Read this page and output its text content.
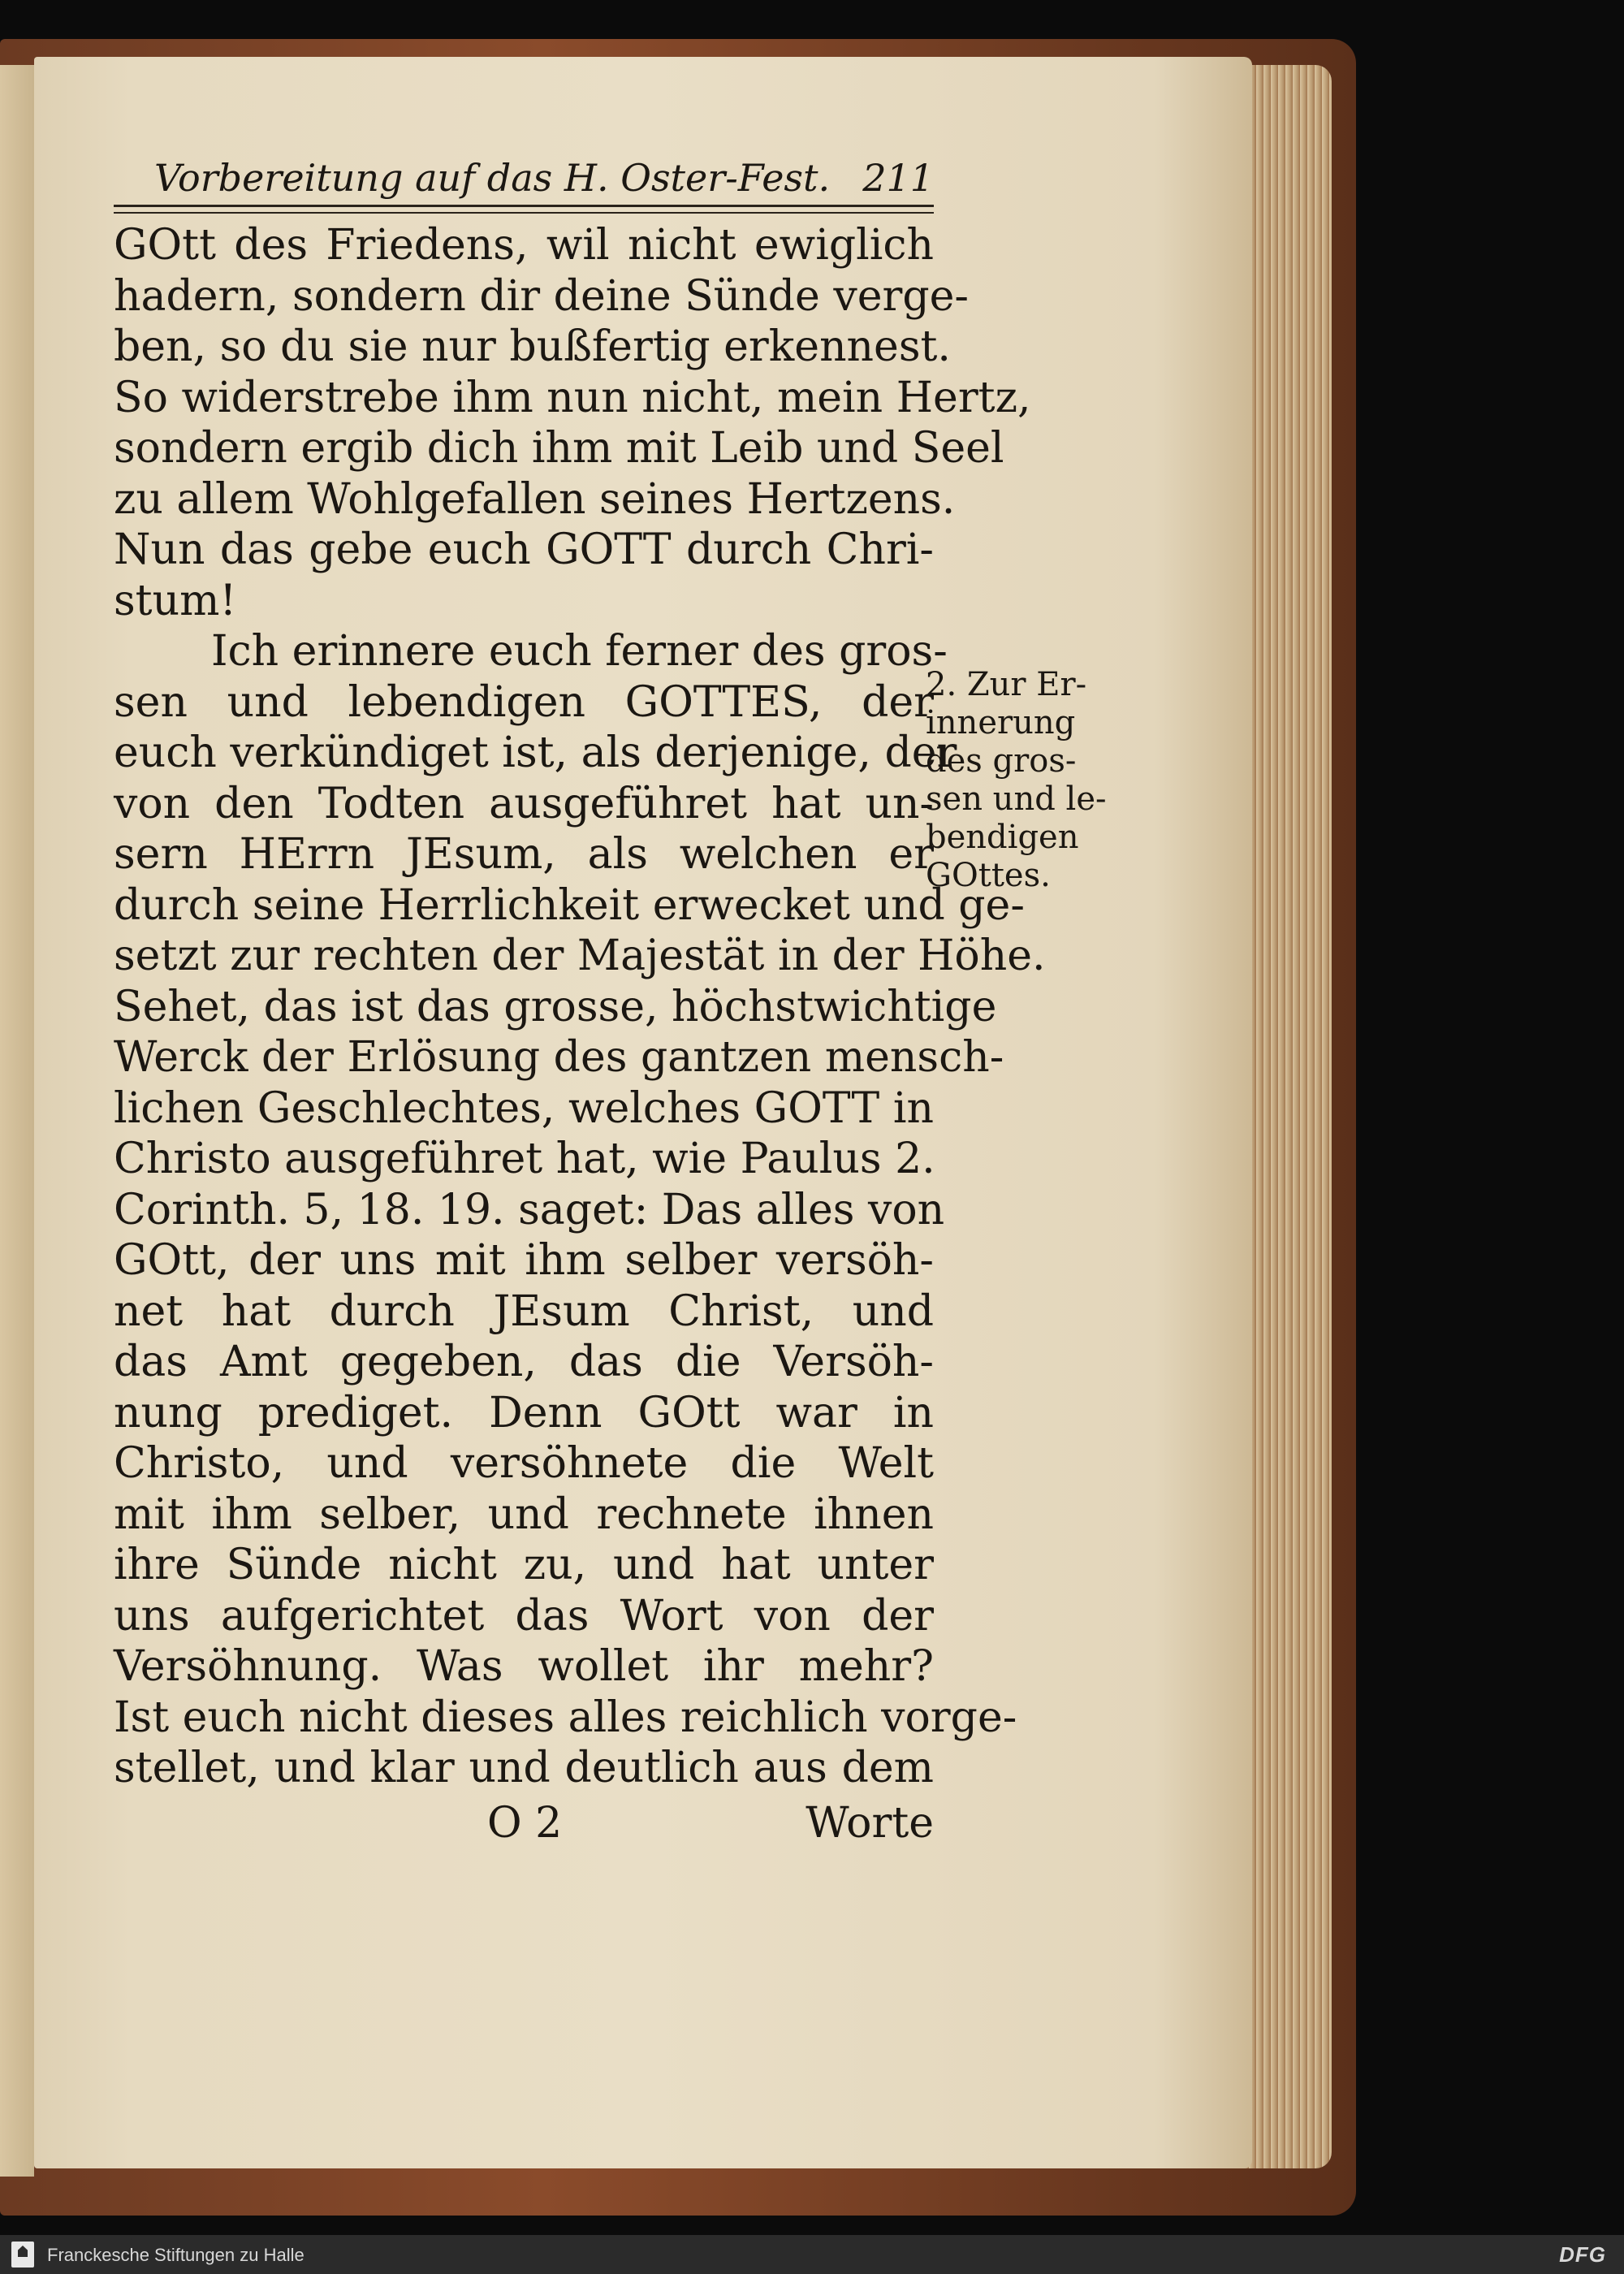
Vorbereitung auf das H. Oster-Fest. 211
GOtt des Friedens, wil nicht ewiglich
hadern, sondern dir deine Sünde verge-
ben, so du sie nur bußfertig erkennest.
So widerstrebe ihm nun nicht, mein Hertz,
sondern ergib dich ihm mit Leib und Seel
zu allem Wohlgefallen seines Hertzens.
Nun das gebe euch GOTT durch Chri-
stum!
Ich erinnere euch ferner des gros-
sen und lebendigen GOTTES, der
euch verkündiget ist, als derjenige, der
von den Todten ausgeführet hat un-
sern HErrn JEsum, als welchen er
durch seine Herrlichkeit erwecket und ge-
setzt zur rechten der Majestät in der Höhe.
Sehet, das ist das grosse, höchstwichtige
Werck der Erlösung des gantzen mensch-
lichen Geschlechtes, welches GOTT in
Christo ausgeführet hat, wie Paulus 2.
Corinth. 5, 18. 19. saget: Das alles von
GOtt, der uns mit ihm selber versöh-
net hat durch JEsum Christ, und
das Amt gegeben, das die Versöh-
nung prediget. Denn GOtt war in
Christo, und versöhnete die Welt
mit ihm selber, und rechnete ihnen
ihre Sünde nicht zu, und hat unter
uns aufgerichtet das Wort von der
Versöhnung. Was wollet ihr mehr?
Ist euch nicht dieses alles reichlich vorge-
stellet, und klar und deutlich aus dem
O 2	Worte
2. Zur Er-
innerung
des gros-
sen und le-
bendigen
GOttes.
Franckesche Stiftungen zu Halle	DFG
